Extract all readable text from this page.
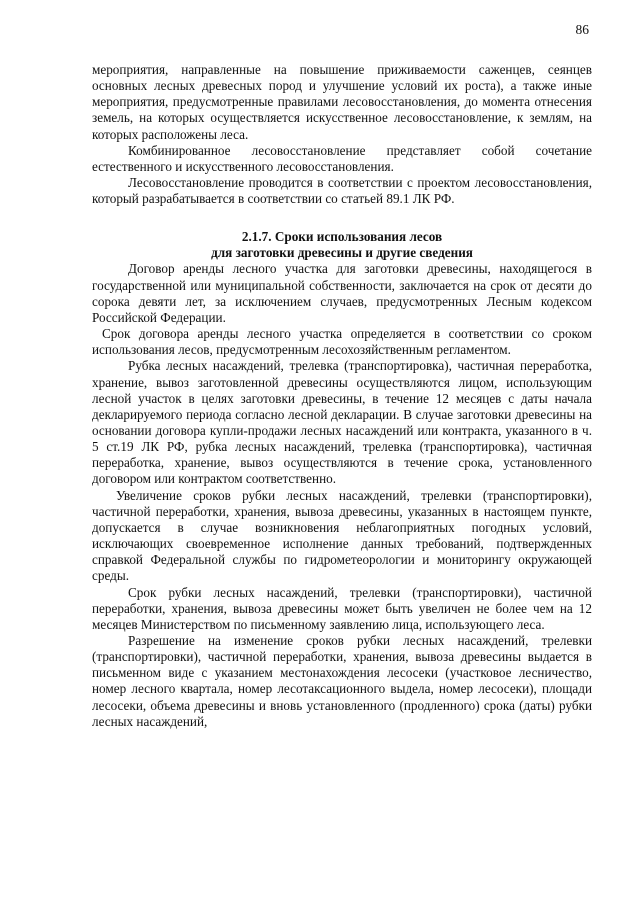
86

мероприятия, направленные на повышение приживаемости саженцев, сеянцев основных лесных древесных пород и улучшение условий их роста), а также иные мероприятия, предусмотренные правилами лесовосстановления, до момента отнесения земель, на которых осуществляется искусственное лесовосстановление, к землям, на которых расположены леса.

Комбинированное лесовосстановление представляет собой сочетание естественного и искусственного лесовосстановления.

Лесовосстановление проводится в соответствии с проектом лесовосстановления, который разрабатывается в соответствии со статьей 89.1 ЛК РФ.

2.1.7. Сроки использования лесов
для заготовки древесины и другие сведения

Договор аренды лесного участка для заготовки древесины, находящегося в государственной или муниципальной собственности, заключается на срок от десяти до сорока девяти лет, за исключением случаев, предусмотренных Лесным кодексом Российской Федерации.

Срок договора аренды лесного участка определяется в соответствии со сроком использования лесов, предусмотренным лесохозяйственным регламентом.

Рубка лесных насаждений, трелевка (транспортировка), частичная переработка, хранение, вывоз заготовленной древесины осуществляются лицом, использующим лесной участок в целях заготовки древесины, в течение 12 месяцев с даты начала декларируемого периода согласно лесной декларации. В случае заготовки древесины на основании договора купли-продажи лесных насаждений или контракта, указанного в ч. 5 ст.19 ЛК РФ, рубка лесных насаждений, трелевка (транспортировка), частичная переработка, хранение, вывоз осуществляются в течение срока, установленного договором или контрактом соответственно.

Увеличение сроков рубки лесных насаждений, трелевки (транспортировки), частичной переработки, хранения, вывоза древесины, указанных в настоящем пункте, допускается в случае возникновения неблагоприятных погодных условий, исключающих своевременное исполнение данных требований, подтвержденных справкой Федеральной службы по гидрометеорологии и мониторингу окружающей среды.

Срок рубки лесных насаждений, трелевки (транспортировки), частичной переработки, хранения, вывоза древесины может быть увеличен не более чем на 12 месяцев Министерством по письменному заявлению лица, использующего леса.

Разрешение на изменение сроков рубки лесных насаждений, трелевки (транспортировки), частичной переработки, хранения, вывоза древесины выдается в письменном виде с указанием местонахождения лесосеки (участковое лесничество, номер лесного квартала, номер лесотаксационного выдела, номер лесосеки), площади лесосеки, объема древесины и вновь установленного (продленного) срока (даты) рубки лесных насаждений,
